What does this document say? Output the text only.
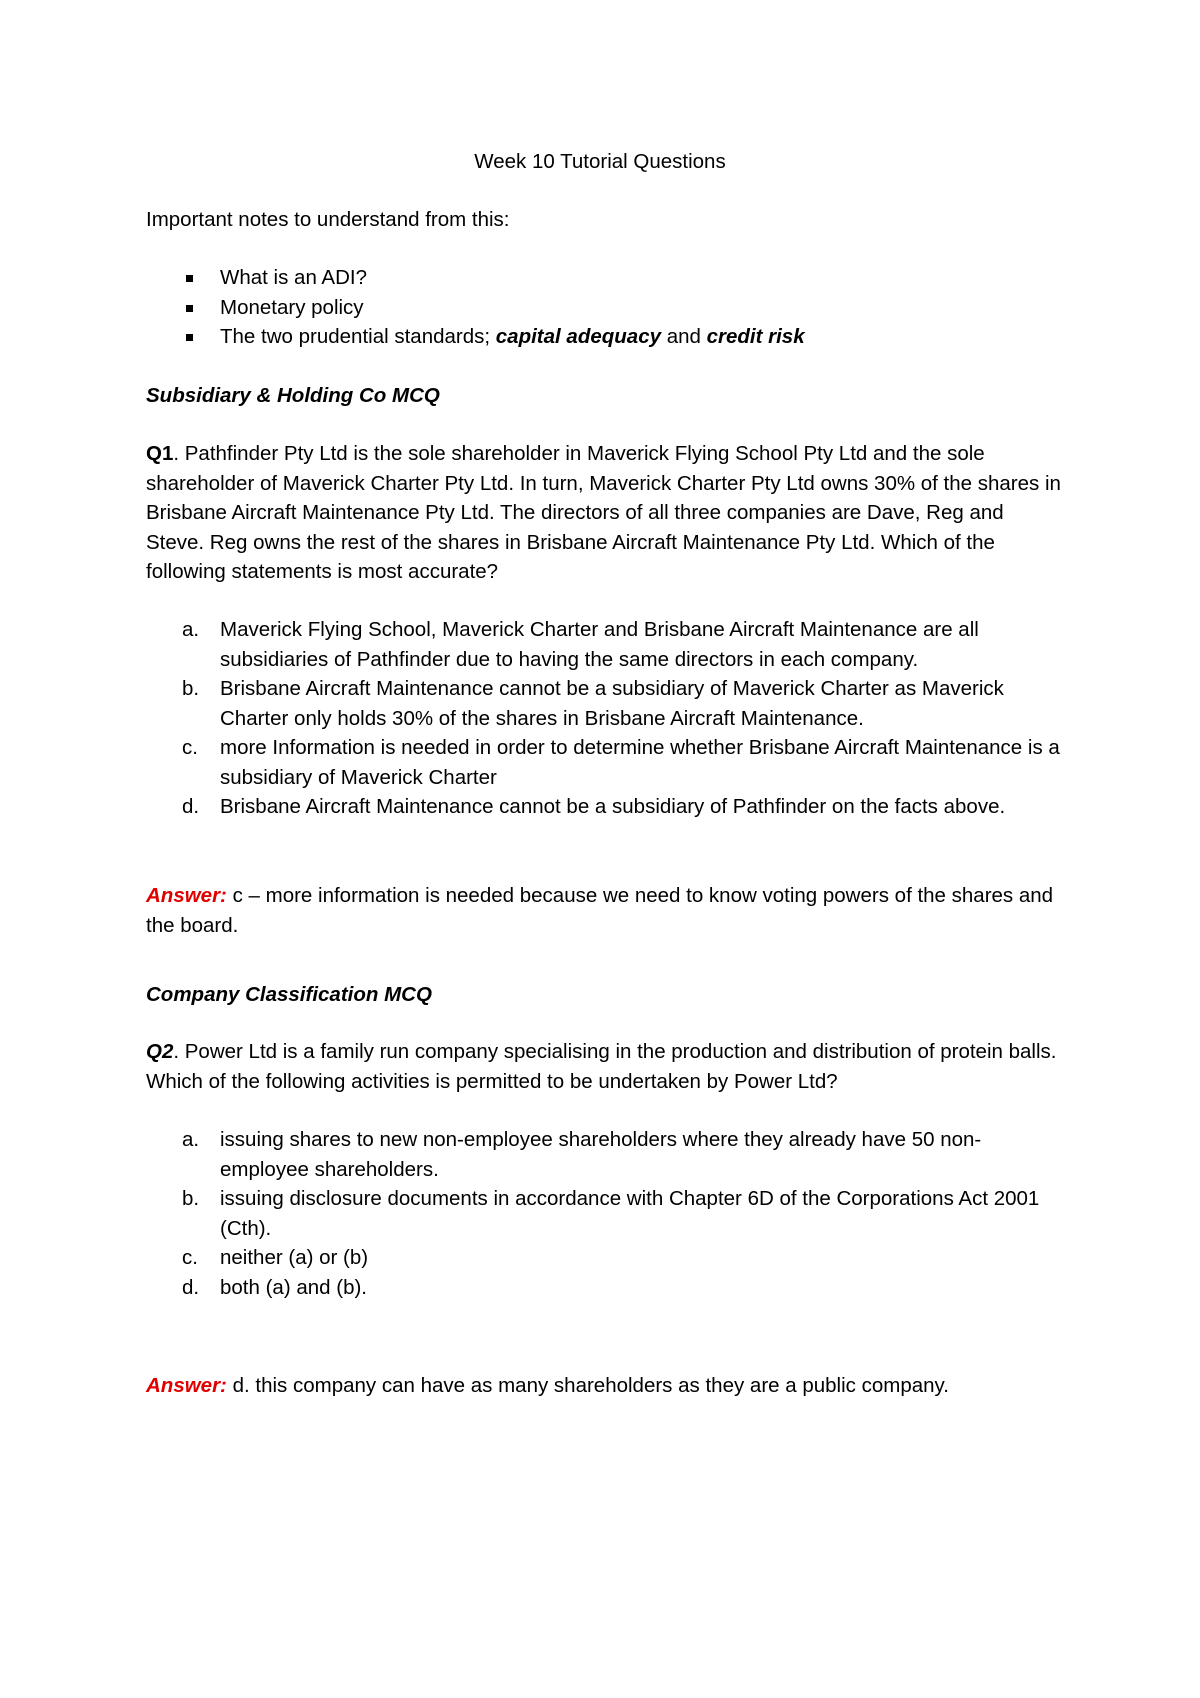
Week 10 Tutorial Questions

Important notes to understand from this:

What is an ADI?
Monetary policy
The two prudential standards; capital adequacy and credit risk

Subsidiary & Holding Co MCQ

Q1. Pathfinder Pty Ltd is the sole shareholder in Maverick Flying School Pty Ltd and the sole shareholder of Maverick Charter Pty Ltd. In turn, Maverick Charter Pty Ltd owns 30% of the shares in Brisbane Aircraft Maintenance Pty Ltd. The directors of all three companies are Dave, Reg and Steve. Reg owns the rest of the shares in Brisbane Aircraft Maintenance Pty Ltd. Which of the following statements is most accurate?

a. Maverick Flying School, Maverick Charter and Brisbane Aircraft Maintenance are all subsidiaries of Pathfinder due to having the same directors in each company.
b. Brisbane Aircraft Maintenance cannot be a subsidiary of Maverick Charter as Maverick Charter only holds 30% of the shares in Brisbane Aircraft Maintenance.
c. more Information is needed in order to determine whether Brisbane Aircraft Maintenance is a subsidiary of Maverick Charter
d. Brisbane Aircraft Maintenance cannot be a subsidiary of Pathfinder on the facts above.

Answer: c – more information is needed because we need to know voting powers of the shares and the board.

Company Classification MCQ

Q2. Power Ltd is a family run company specialising in the production and distribution of protein balls. Which of the following activities is permitted to be undertaken by Power Ltd?

a. issuing shares to new non-employee shareholders where they already have 50 non-employee shareholders.
b. issuing disclosure documents in accordance with Chapter 6D of the Corporations Act 2001 (Cth).
c. neither (a) or (b)
d. both (a) and (b).

Answer: d. this company can have as many shareholders as they are a public company.
